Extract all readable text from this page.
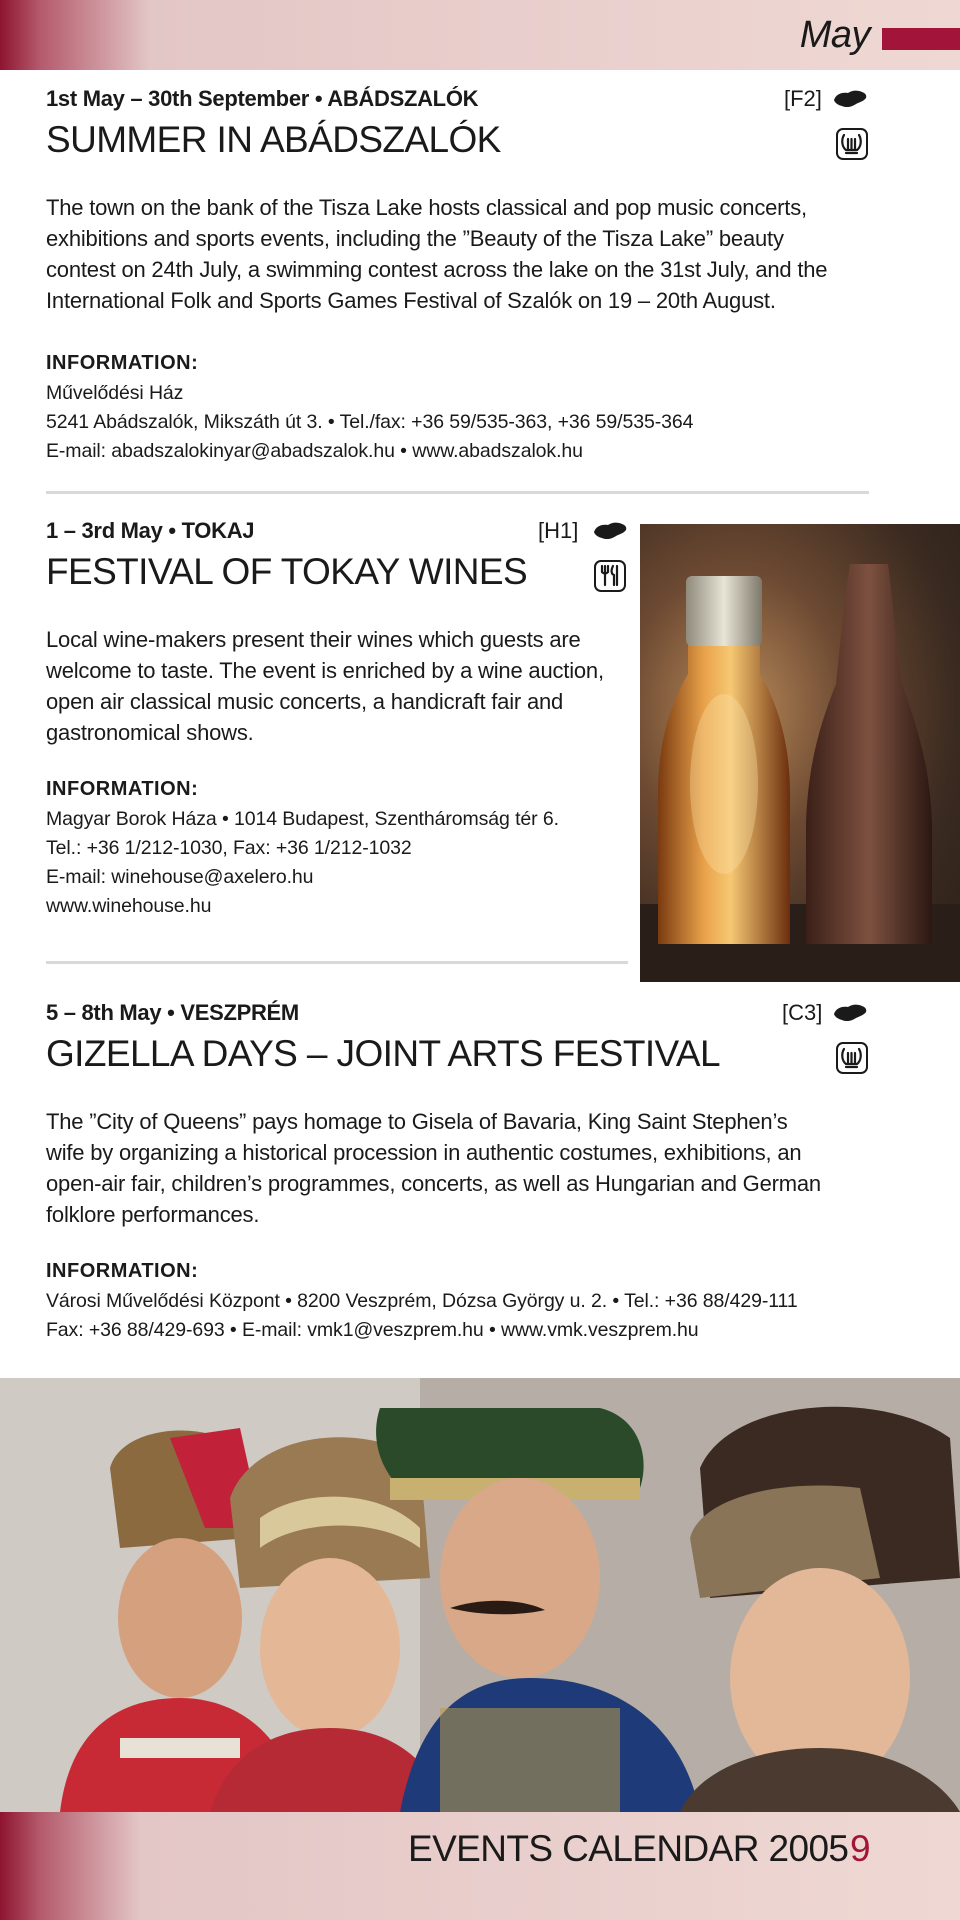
May
1st May – 30th September • ABÁDSZALÓK
SUMMER IN ABÁDSZALÓK
The town on the bank of the Tisza Lake hosts classical and pop music concerts,
exhibitions and sports events, including the ”Beauty of the Tisza Lake” beauty
contest on 24th July, a swimming contest across the lake on the 31st July, and the
International Folk and Sports Games Festival of Szalók on 19 – 20th August.
INFORMATION:
Művelődési Ház
5241 Abádszalók, Mikszáth út 3. • Tel./fax: +36 59/535-363, +36 59/535-364
E-mail: abadszalokinyar@abadszalok.hu • www.abadszalok.hu
[F2]
1 – 3rd May • TOKAJ
FESTIVAL OF TOKAY WINES
Local wine-makers present their wines which guests are
welcome to taste. The event is enriched by a wine auction,
open air classical music concerts, a handicraft fair and
gastronomical shows.
INFORMATION:
Magyar Borok Háza • 1014 Budapest, Szentháromság tér 6.
Tel.: +36 1/212-1030, Fax: +36 1/212-1032
E-mail: winehouse@axelero.hu
www.winehouse.hu
[H1]
5 – 8th May • VESZPRÉM
GIZELLA DAYS – JOINT ARTS FESTIVAL
The ”City of Queens” pays homage to Gisela of Bavaria, King Saint Stephen’s
wife by organizing a historical procession in authentic costumes, exhibitions, an
open-air fair, children’s programmes, concerts, as well as Hungarian and German
folklore performances.
INFORMATION:
Városi Művelődési Központ • 8200 Veszprém, Dózsa György u. 2. • Tel.: +36 88/429-111
Fax: +36 88/429-693 • E-mail: vmk1@veszprem.hu • www.vmk.veszprem.hu
[C3]
EVENTS CALENDAR 2005 9
